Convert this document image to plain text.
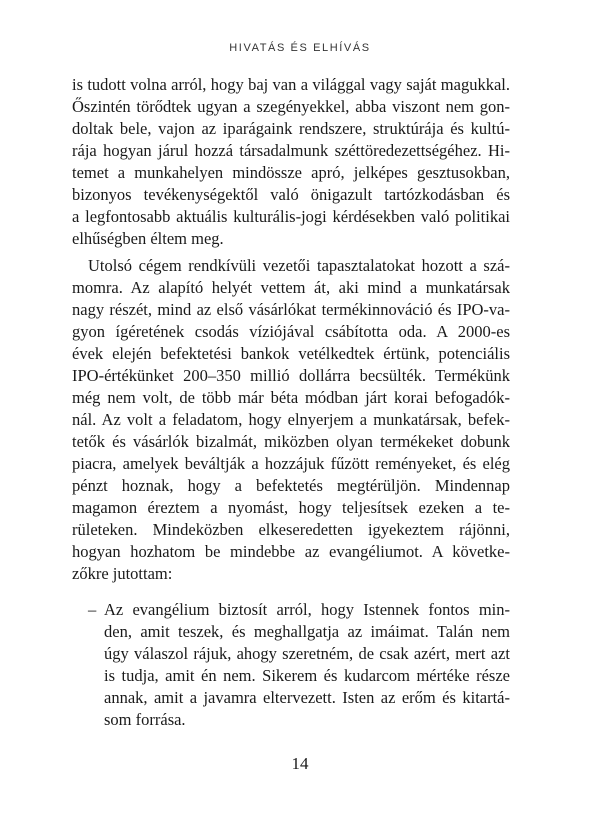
HIVATÁS ÉS ELHÍVÁS
is tudott volna arról, hogy baj van a világgal vagy saját magukkal.
Őszintén törődtek ugyan a szegényekkel, abba viszont nem gon-
doltak bele, vajon az iparágaink rendszere, struktúrája és kultú-
rája hogyan járul hozzá társadalmunk széttöredezettségéhez. Hi-
temet a munkahelyen mindössze apró, jelképes gesztusokban,
bizonyos tevékenységektől való önigazult tartózkodásban és
a legfontosabb aktuális kulturális-jogi kérdésekben való politikai
elhűségben éltem meg.
Utolsó cégem rendkívüli vezetői tapasztalatokat hozott a szá-
momra. Az alapító helyét vettem át, aki mind a munkatársak
nagy részét, mind az első vásárlókat termékinnováció és IPO-va-
gyon ígéretének csodás víziójával csábította oda. A 2000-es
évek elején befektetési bankok vetélkedtek értünk, potenciális
IPO-értékünket 200–350 millió dollárra becsülték. Termékünk
még nem volt, de több már béta módban járt korai befogadók-
nál. Az volt a feladatom, hogy elnyerjem a munkatársak, befek-
tetők és vásárlók bizalmát, miközben olyan termékeket dobunk
piacra, amelyek beváltják a hozzájuk fűzött reményeket, és elég
pénzt hoznak, hogy a befektetés megtérüljön. Mindennap
magamon éreztem a nyomást, hogy teljesítsek ezeken a te-
rületeken. Mindeközben elkeseredetten igyekeztem rájönni,
hogyan hozhatom be mindebbe az evangéliumot. A követke-
zőkre jutottam:
– Az evangélium biztosít arról, hogy Istennek fontos min-
den, amit teszek, és meghallgatja az imáimat. Talán nem
úgy válaszol rájuk, ahogy szeretném, de csak azért, mert azt
is tudja, amit én nem. Sikerem és kudarcom mértéke része
annak, amit a javamra eltervezett. Isten az erőm és kitartá-
som forrása.
14
